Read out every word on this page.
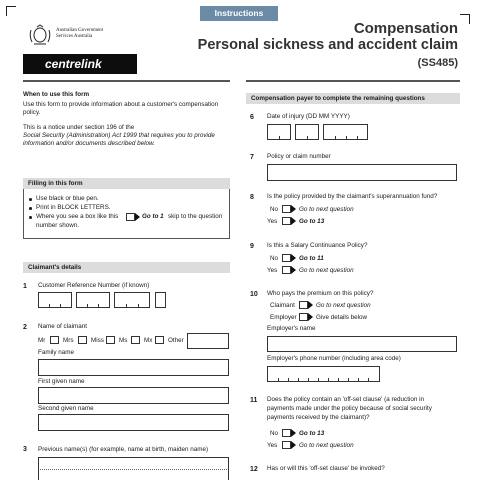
Instructions
Australian Government
Services Australia
centrelink
Compensation
Personal sickness and accident claim
(SS485)
When to use this form
Use this form to provide information about a customer's compensation policy.
This is a notice under section 196 of the
Social Security (Administration) Act 1999 that requires you to provide information and/or documents described below.
Filling in this form
Use black or blue pen.
Print in BLOCK LETTERS.
Where you see a box like this	Go to 1 skip to the question
number shown.
Claimant's details
1 Customer Reference Number (if known)
2 Name of claimant
Mr	Mrs	Miss Ms	Mx Other
Family name
First given name
Second given name
3 Previous name(s) (for example, name at birth, maiden name)
Compensation payer to complete the remaining questions
6 Date of injury (DD MM YYYY)
7 Policy or claim number
8 Is the policy provided by the claimant's superannuation fund?
No	Go to next question
Yes	Go to 13
9 Is this a Salary Continuance Policy?
No	Go to 11
Yes	Go to next question
10 Who pays the premium on this policy?
Claimant	Go to next question
Employer	Give details below
Employer's name
Employer's phone number (including area code)
11 Does the policy contain an 'off-set clause' (a reduction in
payments made under the policy because of social security
payments received by the claimant)?
No	Go to 13
Yes	Go to next question
12 Has or will this 'off-set clause' be invoked?
